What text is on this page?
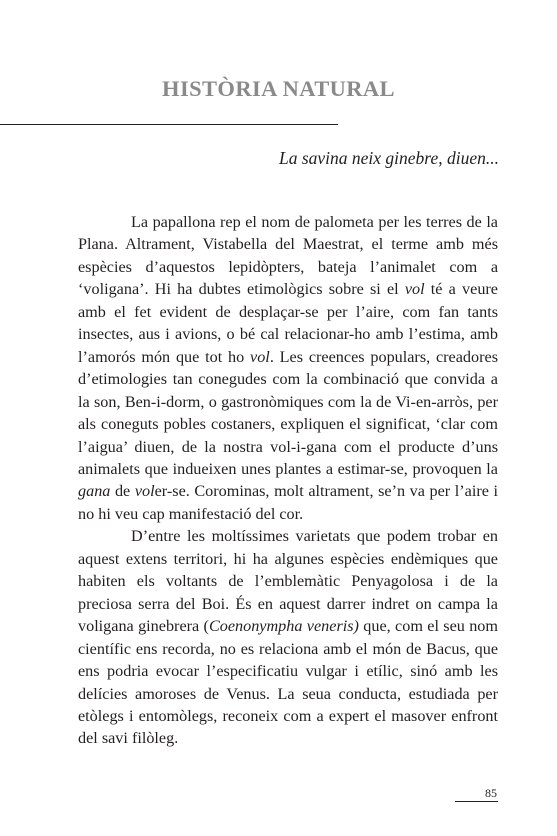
HISTÒRIA NATURAL

La savina neix ginebre, diuen...

La papallona rep el nom de palometa per les terres de la Plana. Altrament, Vistabella del Maestrat, el terme amb més espècies d’aquestos lepidòpters, bateja l’animalet com a ‘voligana’. Hi ha dubtes etimològics sobre si el vol té a veure amb el fet evident de desplaçar-se per l’aire, com fan tants insectes, aus i avions, o bé cal relacionar-ho amb l’estima, amb l’amorós món que tot ho vol. Les creences populars, creadores d’etimologies tan conegudes com la combinació que convida a la son, Ben-i-dorm, o gastronòmiques com la de Vi-en-arròs, per als coneguts pobles costaners, expliquen el significat, ‘clar com l’aigua’ diuen, de la nostra vol-i-gana com el producte d’uns animalets que indueixen unes plantes a estimar-se, provoquen la gana de voler-se. Corominas, molt altrament, se’n va per l’aire i no hi veu cap manifestació del cor.

D’entre les moltíssimes varietats que podem trobar en aquest extens territori, hi ha algunes espècies endèmiques que habiten els voltants de l’emblemàtic Penyagolosa i de la preciosa serra del Boi. És en aquest darrer indret on campa la voligana ginebrera (Coenonympha veneris) que, com el seu nom científic ens recorda, no es relaciona amb el món de Bacus, que ens podria evocar l’especificatiu vulgar i etílic, sinó amb les delícies amoroses de Venus. La seua conducta, estudiada per etòlegs i entomòlegs, reconeix com a expert el masover enfront del savi filòleg.

85
